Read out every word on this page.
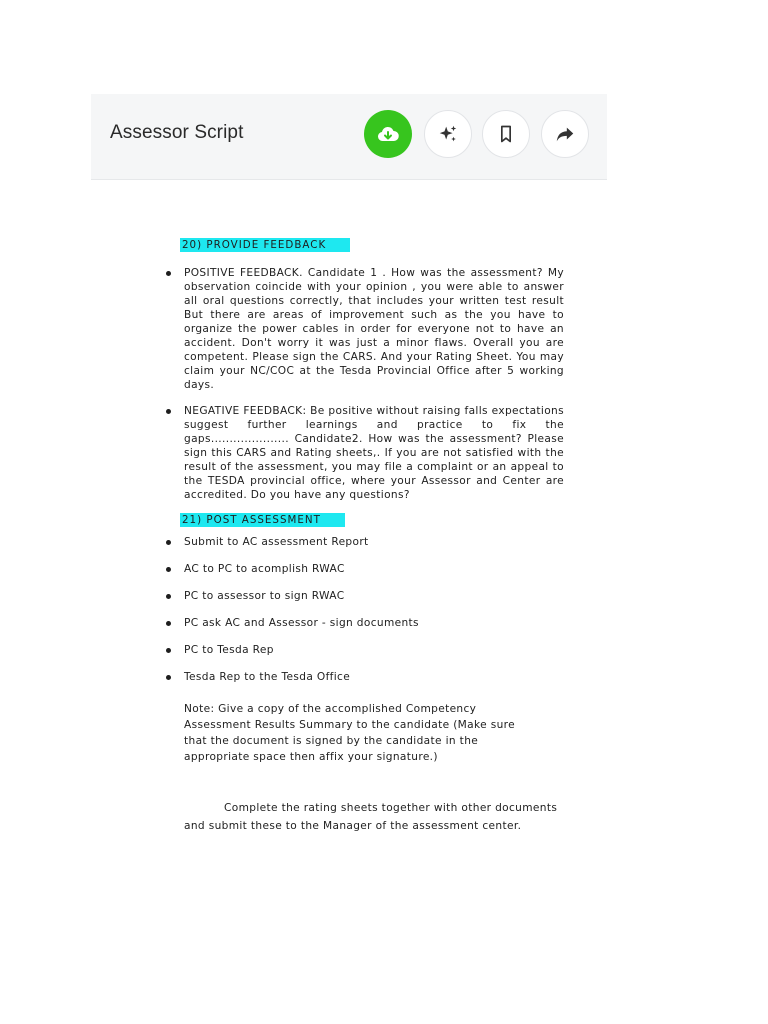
Assessor Script
20) PROVIDE FEEDBACK
POSITIVE FEEDBACK. Candidate 1 . How was the assessment? My observation coincide with your opinion , you were able to answer all oral questions correctly, that includes your written test result But there are areas of improvement such as the you have to organize the power cables in order for everyone not to have an accident. Don't worry it was just a minor flaws. Overall you are competent. Please sign the CARS. And your Rating Sheet. You may claim your NC/COC at the Tesda Provincial Office after 5 working days.
NEGATIVE FEEDBACK: Be positive without raising falls expectations suggest further learnings and practice to fix the gaps..................... Candidate2. How was the assessment? Please sign this CARS and Rating sheets,. If you are not satisfied with the result of the assessment, you may file a complaint or an appeal to the TESDA provincial office, where your Assessor and Center are accredited. Do you have any questions?
21) POST ASSESSMENT
Submit to AC assessment Report
AC to PC to acomplish RWAC
PC to assessor to sign RWAC
PC ask AC and Assessor - sign documents
PC to Tesda Rep
Tesda Rep to the Tesda Office
Note: Give a copy of the accomplished Competency Assessment Results Summary to the candidate (Make sure that the document is signed by the candidate in the appropriate space then affix your signature.)
Complete the rating sheets together with other documents and submit these to the Manager of the assessment center.
